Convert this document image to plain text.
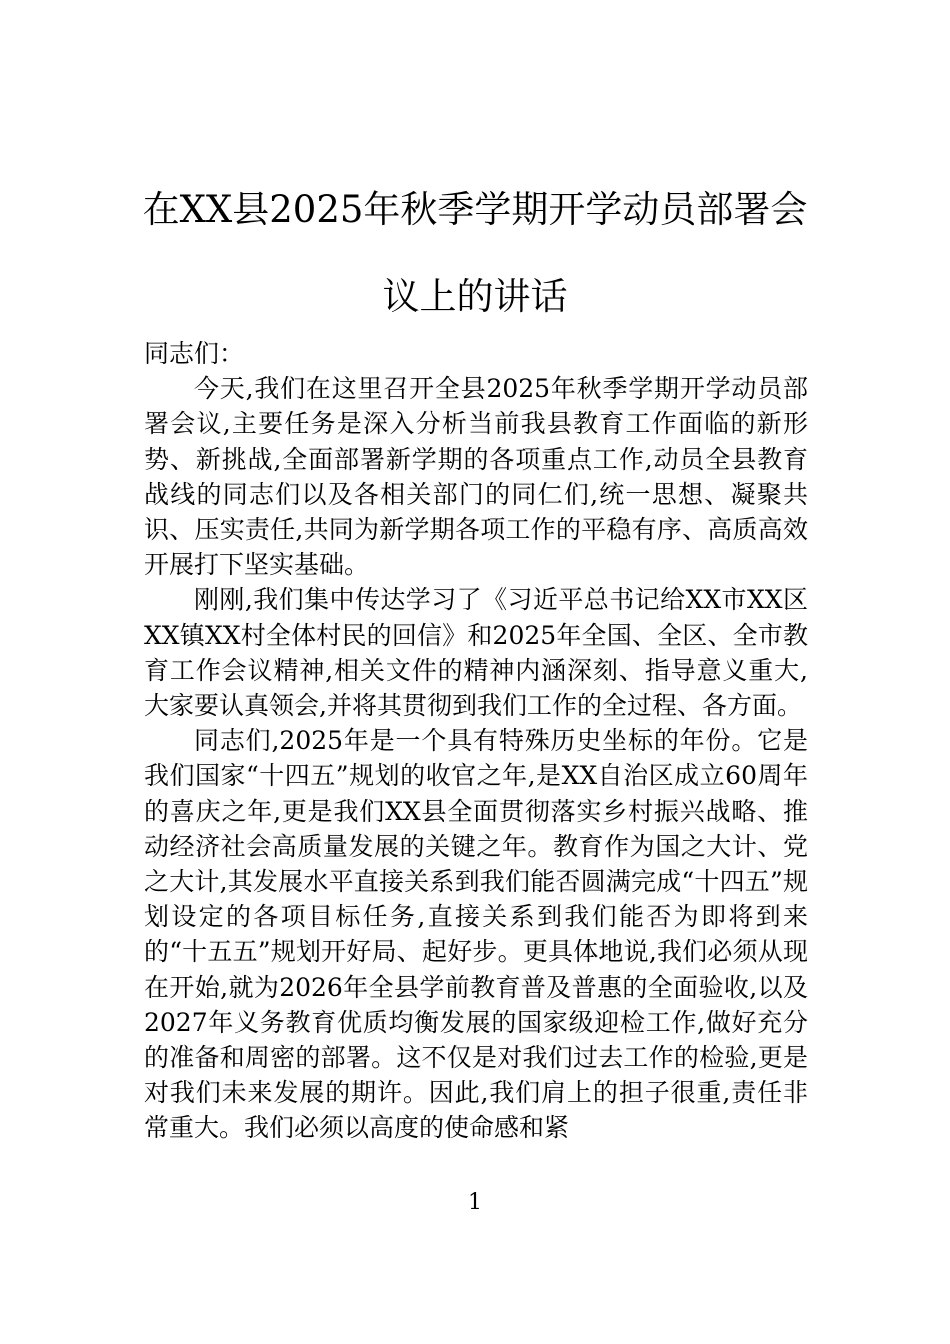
在XX县2025年秋季学期开学动员部署会议上的讲话

同志们：

今天,我们在这里召开全县2025年秋季学期开学动员部署会议,主要任务是深入分析当前我县教育工作面临的新形势、新挑战,全面部署新学期的各项重点工作,动员全县教育战线的同志们以及各相关部门的同仁们,统一思想、凝聚共识、压实责任,共同为新学期各项工作的平稳有序、高质高效开展打下坚实基础。

刚刚,我们集中传达学习了《习近平总书记给XX市XX区XX镇XX村全体村民的回信》和2025年全国、全区、全市教育工作会议精神,相关文件的精神内涵深刻、指导意义重大,大家要认真领会,并将其贯彻到我们工作的全过程、各方面。

同志们,2025年是一个具有特殊历史坐标的年份。它是我们国家“十四五”规划的收官之年,是XX自治区成立60周年的喜庆之年,更是我们XX县全面贯彻落实乡村振兴战略、推动经济社会高质量发展的关键之年。教育作为国之大计、党之大计,其发展水平直接关系到我们能否圆满完成“十四五”规划设定的各项目标任务,直接关系到我们能否为即将到来的“十五五”规划开好局、起好步。更具体地说,我们必须从现在开始,就为2026年全县学前教育普及普惠的全面验收,以及2027年义务教育优质均衡发展的国家级迎检工作,做好充分的准备和周密的部署。这不仅是对我们过去工作的检验,更是对我们未来发展的期许。因此,我们肩上的担子很重,责任非常重大。我们必须以高度的使命感和紧

1
